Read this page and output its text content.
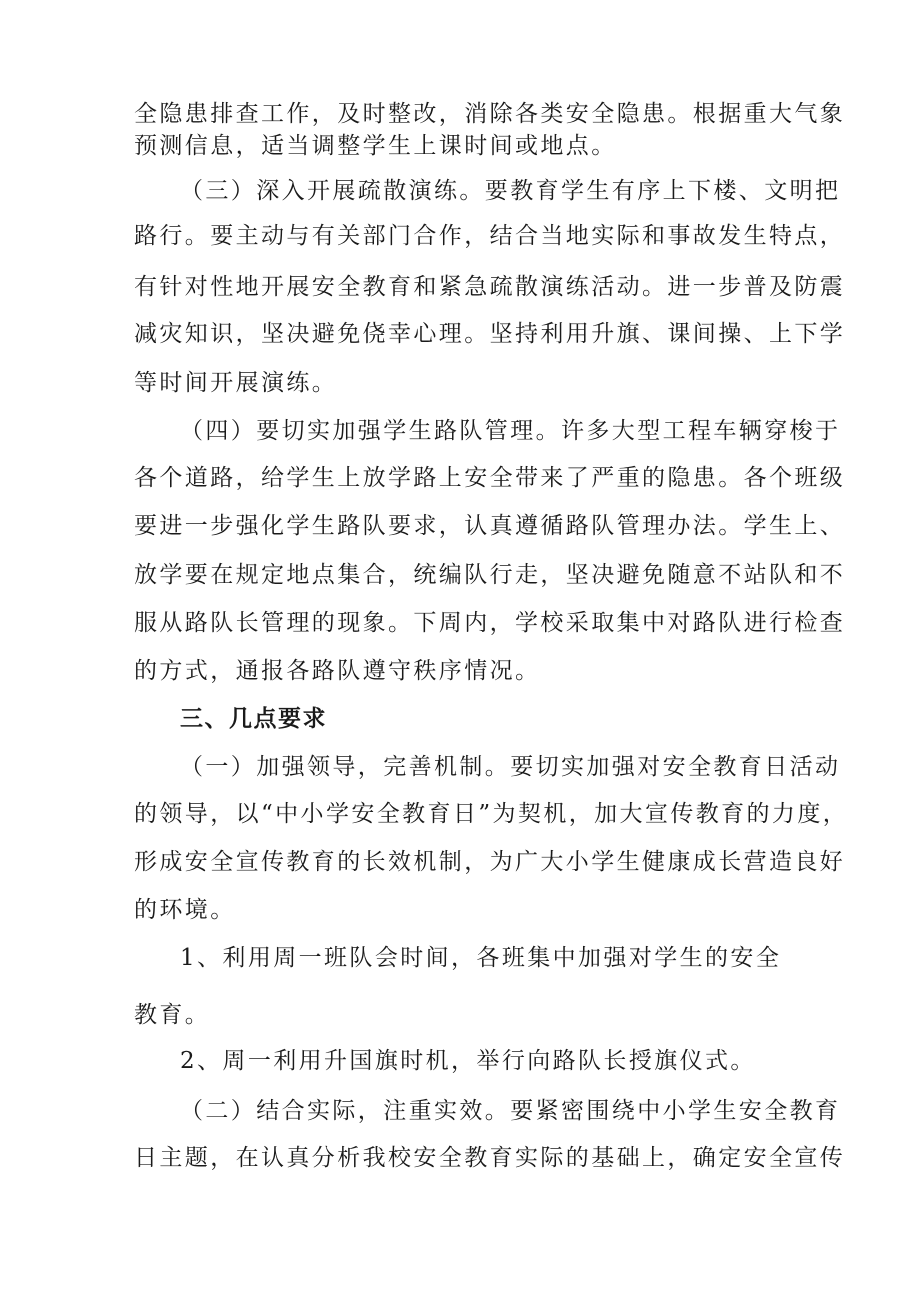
全隐患排查工作，及时整改，消除各类安全隐患。根据重大气象
预测信息，适当调整学生上课时间或地点。
（三）深入开展疏散演练。要教育学生有序上下楼、文明把
路行。要主动与有关部门合作，结合当地实际和事故发生特点，
有针对性地开展安全教育和紧急疏散演练活动。进一步普及防震
减灾知识，坚决避免侥幸心理。坚持利用升旗、课间操、上下学
等时间开展演练。
（四）要切实加强学生路队管理。许多大型工程车辆穿梭于
各个道路，给学生上放学路上安全带来了严重的隐患。各个班级
要进一步强化学生路队要求，认真遵循路队管理办法。学生上、
放学要在规定地点集合，统编队行走，坚决避免随意不站队和不
服从路队长管理的现象。下周内，学校采取集中对路队进行检查
的方式，通报各路队遵守秩序情况。
三、几点要求
（一）加强领导，完善机制。要切实加强对安全教育日活动
的领导，以“中小学安全教育日”为契机，加大宣传教育的力度，
形成安全宣传教育的长效机制，为广大小学生健康成长营造良好
的环境。
1、利用周一班队会时间，各班集中加强对学生的安全
教育。
2、周一利用升国旗时机，举行向路队长授旗仪式。
（二）结合实际，注重实效。要紧密围绕中小学生安全教育
日主题，在认真分析我校安全教育实际的基础上，确定安全宣传
